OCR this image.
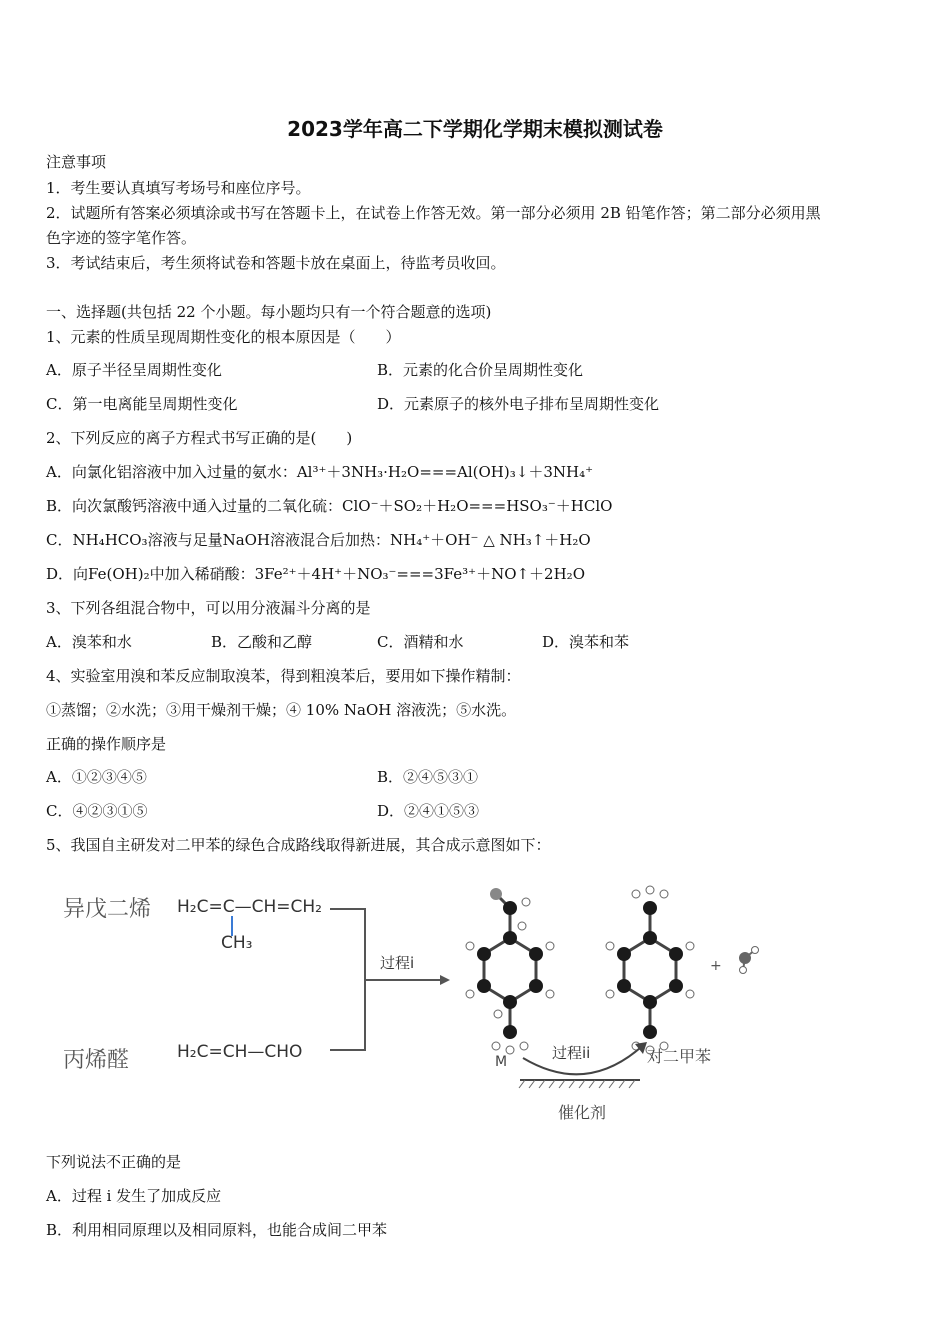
2023学年高二下学期化学期末模拟测试卷
注意事项
1．考生要认真填写考场号和座位序号。
2．试题所有答案必须填涂或书写在答题卡上，在试卷上作答无效。第一部分必须用 2B 铅笔作答；第二部分必须用黑
色字迹的签字笔作答。
3．考试结束后，考生须将试卷和答题卡放在桌面上，待监考员收回。
一、选择题(共包括 22 个小题。每小题均只有一个符合题意的选项)
1、元素的性质呈现周期性变化的根本原因是（　　）
A．原子半径呈周期性变化	B．元素的化合价呈周期性变化
C．第一电离能呈周期性变化	D．元素原子的核外电子排布呈周期性变化
2、下列反应的离子方程式书写正确的是(　　)
A．向氯化铝溶液中加入过量的氨水：Al³⁺＋3NH₃·H₂O===Al(OH)₃↓＋3NH₄⁺
B．向次氯酸钙溶液中通入过量的二氧化硫：ClO⁻＋SO₂＋H₂O===HSO₃⁻＋HClO
C．NH₄HCO₃溶液与足量NaOH溶液混合后加热：NH₄⁺＋OH⁻ △ NH₃↑＋H₂O
D．向Fe(OH)₂中加入稀硝酸：3Fe²⁺＋4H⁺＋NO₃⁻===3Fe³⁺＋NO↑＋2H₂O
3、下列各组混合物中，可以用分液漏斗分离的是
A．溴苯和水	B．乙酸和乙醇	C．酒精和水	D．溴苯和苯
4、实验室用溴和苯反应制取溴苯，得到粗溴苯后，要用如下操作精制：
①蒸馏；②水洗；③用干燥剂干燥；④ 10% NaOH 溶液洗；⑤水洗。
正确的操作顺序是
A．①②③④⑤	B．②④⑤③①
C．④②③①⑤	D．②④①⑤③
5、我国自主研发对二甲苯的绿色合成路线取得新进展，其合成示意图如下：
异戊二烯 H₂C=C—CH=CH₂
CH₃
丙烯醛	H₂C=CH—CHO
过程i
M
+
过程ii	对二甲苯
催化剂
下列说法不正确的是
A．过程 i 发生了加成反应
B．利用相同原理以及相同原料，也能合成间二甲苯
